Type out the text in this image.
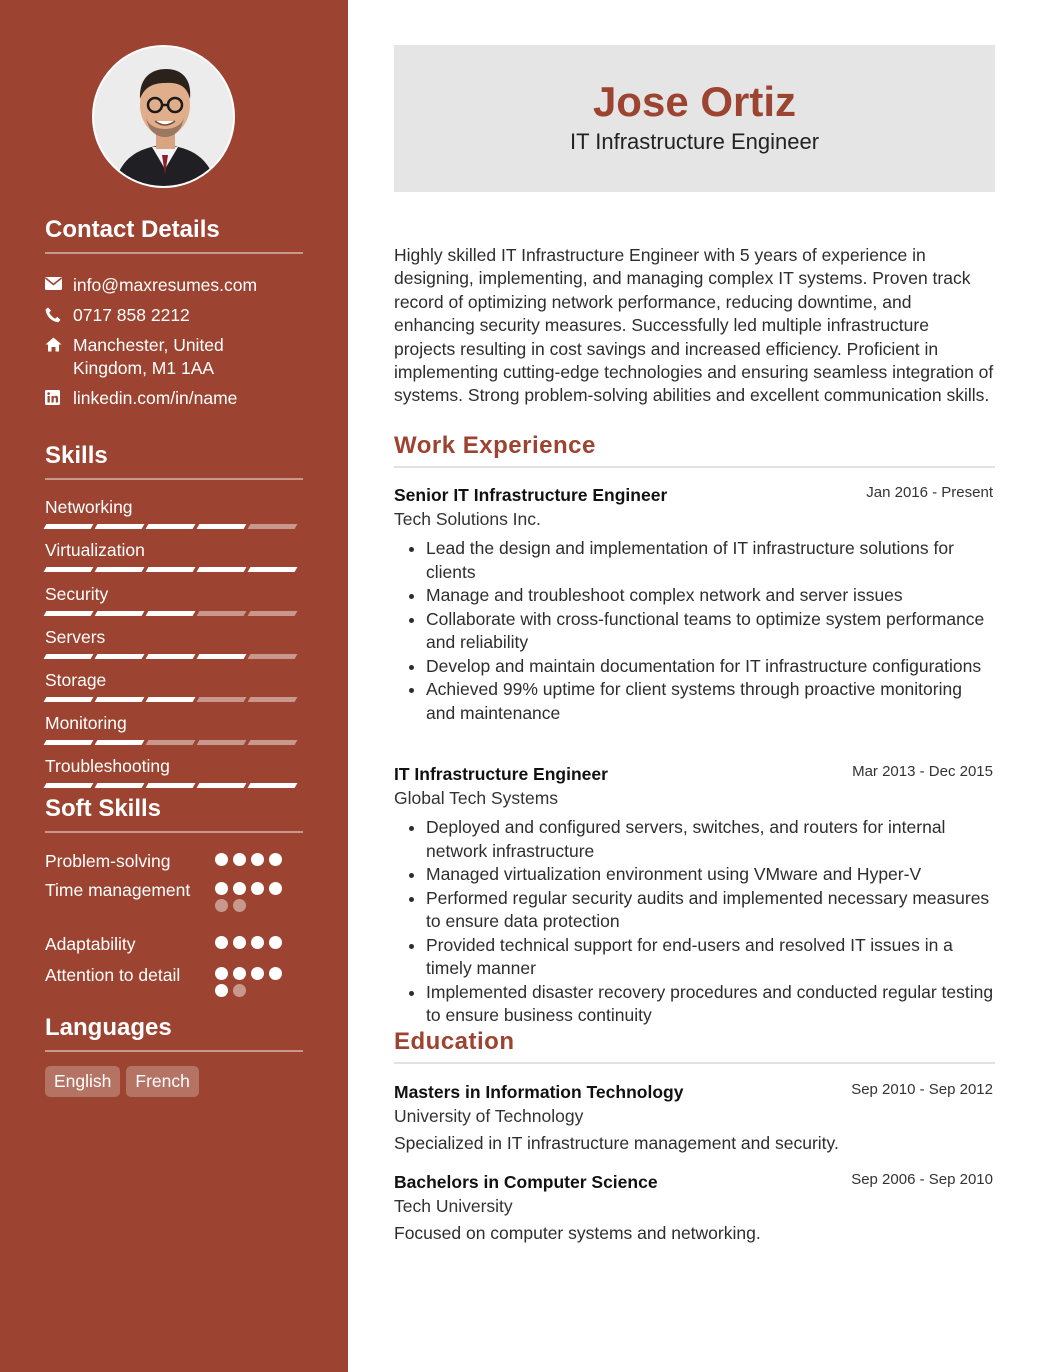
Contact Details
info@maxresumes.com
0717 858 2212
Manchester, United Kingdom, M1 1AA
linkedin.com/in/name
Skills
Networking
Virtualization
Security
Servers
Storage
Monitoring
Troubleshooting
Soft Skills
Problem-solving
Time management
Adaptability
Attention to detail
Languages
English	French
Jose Ortiz
IT Infrastructure Engineer
Highly skilled IT Infrastructure Engineer with 5 years of experience in designing, implementing, and managing complex IT systems. Proven track record of optimizing network performance, reducing downtime, and enhancing security measures. Successfully led multiple infrastructure projects resulting in cost savings and increased efficiency. Proficient in implementing cutting-edge technologies and ensuring seamless integration of systems. Strong problem-solving abilities and excellent communication skills.
Work Experience
Senior IT Infrastructure Engineer	Jan 2016 - Present
Tech Solutions Inc.
• Lead the design and implementation of IT infrastructure solutions for clients
• Manage and troubleshoot complex network and server issues
• Collaborate with cross-functional teams to optimize system performance and reliability
• Develop and maintain documentation for IT infrastructure configurations
• Achieved 99% uptime for client systems through proactive monitoring and maintenance
IT Infrastructure Engineer	Mar 2013 - Dec 2015
Global Tech Systems
• Deployed and configured servers, switches, and routers for internal network infrastructure
• Managed virtualization environment using VMware and Hyper-V
• Performed regular security audits and implemented necessary measures to ensure data protection
• Provided technical support for end-users and resolved IT issues in a timely manner
• Implemented disaster recovery procedures and conducted regular testing to ensure business continuity
Education
Masters in Information Technology	Sep 2010 - Sep 2012
University of Technology
Specialized in IT infrastructure management and security.
Bachelors in Computer Science	Sep 2006 - Sep 2010
Tech University
Focused on computer systems and networking.
